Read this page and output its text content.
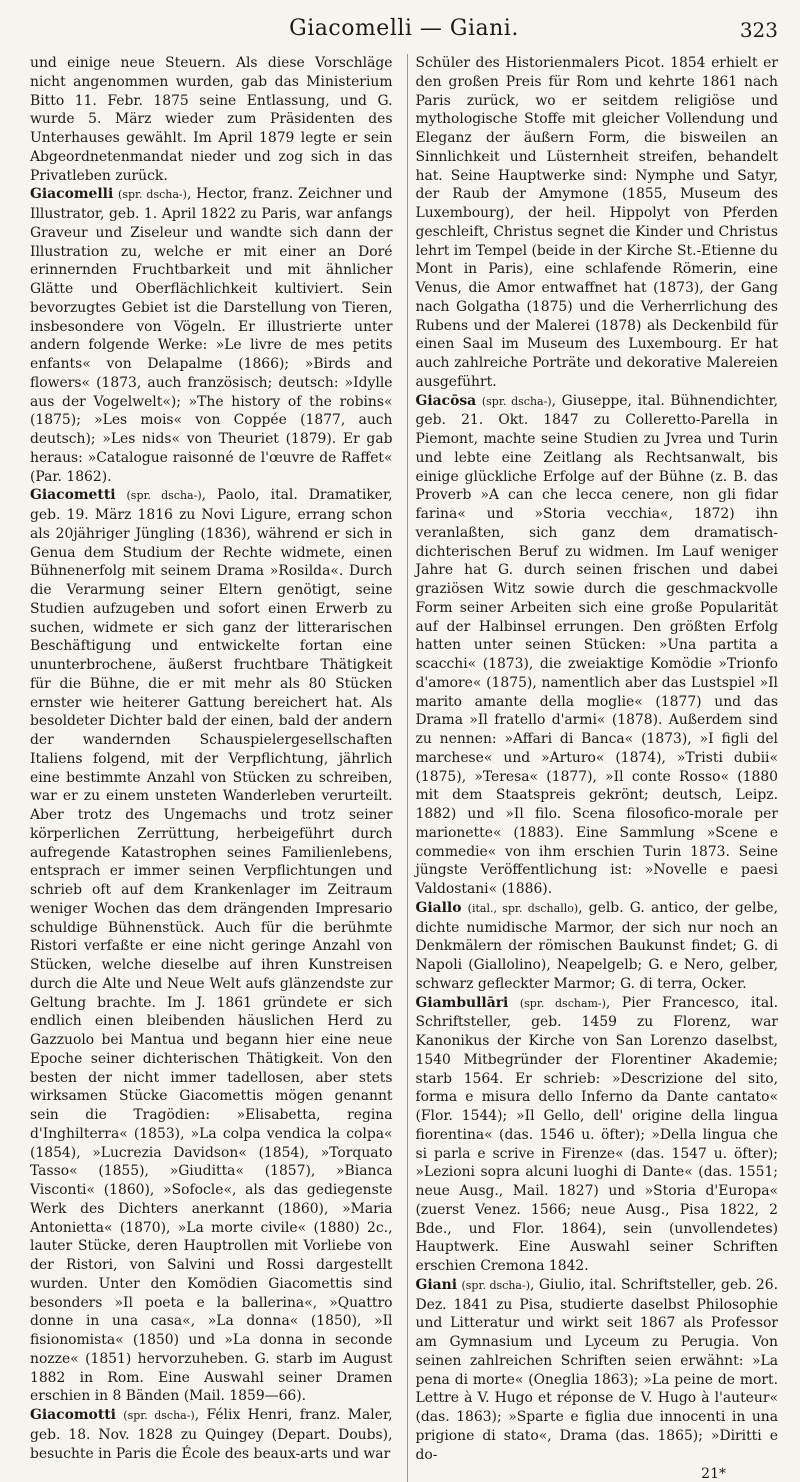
Giacomelli — Giani.	323

und einige neue Steuern. Als diese Vorschläge nicht angenommen wurden, gab das Ministerium Bitto 11. Febr. 1875 seine Entlassung, und G. wurde 5. März wieder zum Präsidenten des Unterhauses gewählt. Im April 1879 legte er sein Abgeordnetenmandat nieder und zog sich in das Privatleben zurück.

Giacomelli (spr. dscha-), Hector, franz. Zeichner und Illustrator, geb. 1. April 1822 zu Paris, war anfangs Graveur und Ziseleur und wandte sich dann der Illustration zu, welche er mit einer an Doré erinnernden Fruchtbarkeit und mit ähnlicher Glätte und Oberflächlichkeit kultiviert. Sein bevorzugtes Gebiet ist die Darstellung von Tieren, insbesondere von Vögeln. Er illustrierte unter andern folgende Werke: »Le livre de mes petits enfants« von Delapalme (1866); »Birds and flowers« (1873, auch französisch; deutsch: »Idylle aus der Vogelwelt«); »The history of the robins« (1875); »Les mois« von Coppée (1877, auch deutsch); »Les nids« von Theuriet (1879). Er gab heraus: »Catalogue raisonné de l'œuvre de Raffet« (Par. 1862).

Giacometti (spr. dscha-), Paolo, ital. Dramatiker, geb. 19. März 1816 zu Novi Ligure, errang schon als 20jähriger Jüngling (1836), während er sich in Genua dem Studium der Rechte widmete, einen Bühnenerfolg mit seinem Drama »Rosilda«. Durch die Verarmung seiner Eltern genötigt, seine Studien aufzugeben und sofort einen Erwerb zu suchen, widmete er sich ganz der litterarischen Beschäftigung und entwickelte fortan eine ununterbrochene, äußerst fruchtbare Thätigkeit für die Bühne, die er mit mehr als 80 Stücken ernster wie heiterer Gattung bereichert hat. Als besoldeter Dichter bald der einen, bald der andern der wandernden Schauspielergesellschaften Italiens folgend, mit der Verpflichtung, jährlich eine bestimmte Anzahl von Stücken zu schreiben, war er zu einem unsteten Wanderleben verurteilt. Aber trotz des Ungemachs und trotz seiner körperlichen Zerrüttung, herbeigeführt durch aufregende Katastrophen seines Familienlebens, entsprach er immer seinen Verpflichtungen und schrieb oft auf dem Krankenlager im Zeitraum weniger Wochen das dem drängenden Impresario schuldige Bühnenstück. Auch für die berühmte Ristori verfaßte er eine nicht geringe Anzahl von Stücken, welche dieselbe auf ihren Kunstreisen durch die Alte und Neue Welt aufs glänzendste zur Geltung brachte. Im J. 1861 gründete er sich endlich einen bleibenden häuslichen Herd zu Gazzuolo bei Mantua und begann hier eine neue Epoche seiner dichterischen Thätigkeit. Von den besten der nicht immer tadellosen, aber stets wirksamen Stücke Giacomettis mögen genannt sein die Tragödien: »Elisabetta, regina d'Inghilterra« (1853), »La colpa vendica la colpa« (1854), »Lucrezia Davidson« (1854), »Torquato Tasso« (1855), »Giuditta« (1857), »Bianca Visconti« (1860), »Sofocle«, als das gediegenste Werk des Dichters anerkannt (1860), »Maria Antonietta« (1870), »La morte civile« (1880) 2c., lauter Stücke, deren Hauptrollen mit Vorliebe von der Ristori, von Salvini und Rossi dargestellt wurden. Unter den Komödien Giacomettis sind besonders »Il poeta e la ballerina«, »Quattro donne in una casa«, »La donna« (1850), »Il fisionomista« (1850) und »La donna in seconde nozze« (1851) hervorzuheben. G. starb im August 1882 in Rom. Eine Auswahl seiner Dramen erschien in 8 Bänden (Mail. 1859—66).

Giacomotti (spr. dscha-), Félix Henri, franz. Maler, geb. 18. Nov. 1828 zu Quingey (Depart. Doubs), besuchte in Paris die École des beaux-arts und war

Schüler des Historienmalers Picot. 1854 erhielt er den großen Preis für Rom und kehrte 1861 nach Paris zurück, wo er seitdem religiöse und mythologische Stoffe mit gleicher Vollendung und Eleganz der äußern Form, die bisweilen an Sinnlichkeit und Lüsternheit streifen, behandelt hat. Seine Hauptwerke sind: Nymphe und Satyr, der Raub der Amymone (1855, Museum des Luxembourg), der heil. Hippolyt von Pferden geschleift, Christus segnet die Kinder und Christus lehrt im Tempel (beide in der Kirche St.-Etienne du Mont in Paris), eine schlafende Römerin, eine Venus, die Amor entwaffnet hat (1873), der Gang nach Golgatha (1875) und die Verherrlichung des Rubens und der Malerei (1878) als Deckenbild für einen Saal im Museum des Luxembourg. Er hat auch zahlreiche Porträte und dekorative Malereien ausgeführt.

Giacōsa (spr. dscha-), Giuseppe, ital. Bühnendichter, geb. 21. Okt. 1847 zu Colleretto-Parella in Piemont, machte seine Studien zu Jvrea und Turin und lebte eine Zeitlang als Rechtsanwalt, bis einige glückliche Erfolge auf der Bühne (z. B. das Proverb »A can che lecca cenere, non gli fidar farina« und »Storia vecchia«, 1872) ihn veranlaßten, sich ganz dem dramatisch-dichterischen Beruf zu widmen. Im Lauf weniger Jahre hat G. durch seinen frischen und dabei graziösen Witz sowie durch die geschmackvolle Form seiner Arbeiten sich eine große Popularität auf der Halbinsel errungen. Den größten Erfolg hatten unter seinen Stücken: »Una partita a scacchi« (1873), die zweiaktige Komödie »Trionfo d'amore« (1875), namentlich aber das Lustspiel »Il marito amante della moglie« (1877) und das Drama »Il fratello d'armi« (1878). Außerdem sind zu nennen: »Affari di Banca« (1873), »I figli del marchese« und »Arturo« (1874), »Tristi dubii« (1875), »Teresa« (1877), »Il conte Rosso« (1880 mit dem Staatspreis gekrönt; deutsch, Leipz. 1882) und »Il filo. Scena filosofico-morale per marionette« (1883). Eine Sammlung »Scene e commedie« von ihm erschien Turin 1873. Seine jüngste Veröffentlichung ist: »Novelle e paesi Valdostani« (1886).

Giallo (ital., spr. dschallo), gelb. G. antico, der gelbe, dichte numidische Marmor, der sich nur noch an Denkmälern der römischen Baukunst findet; G. di Napoli (Giallolino), Neapelgelb; G. e Nero, gelber, schwarz gefleckter Marmor; G. di terra, Ocker.

Giambullāri (spr. dscham-), Pier Francesco, ital. Schriftsteller, geb. 1459 zu Florenz, war Kanonikus der Kirche von San Lorenzo daselbst, 1540 Mitbegründer der Florentiner Akademie; starb 1564. Er schrieb: »Descrizione del sito, forma e misura dello Inferno da Dante cantato« (Flor. 1544); »Il Gello, dell' origine della lingua fiorentina« (das. 1546 u. öfter); »Della lingua che si parla e scrive in Firenze« (das. 1547 u. öfter); »Lezioni sopra alcuni luoghi di Dante« (das. 1551; neue Ausg., Mail. 1827) und »Storia d'Europa« (zuerst Venez. 1566; neue Ausg., Pisa 1822, 2 Bde., und Flor. 1864), sein (unvollendetes) Hauptwerk. Eine Auswahl seiner Schriften erschien Cremona 1842.

Giani (spr. dscha-), Giulio, ital. Schriftsteller, geb. 26. Dez. 1841 zu Pisa, studierte daselbst Philosophie und Litteratur und wirkt seit 1867 als Professor am Gymnasium und Lyceum zu Perugia. Von seinen zahlreichen Schriften seien erwähnt: »La pena di morte« (Oneglia 1863); »La peine de mort. Lettre à V. Hugo et réponse de V. Hugo à l'auteur« (das. 1863); »Sparte e figlia due innocenti in una prigione di stato«, Drama (das. 1865); »Diritti e do-

21*
